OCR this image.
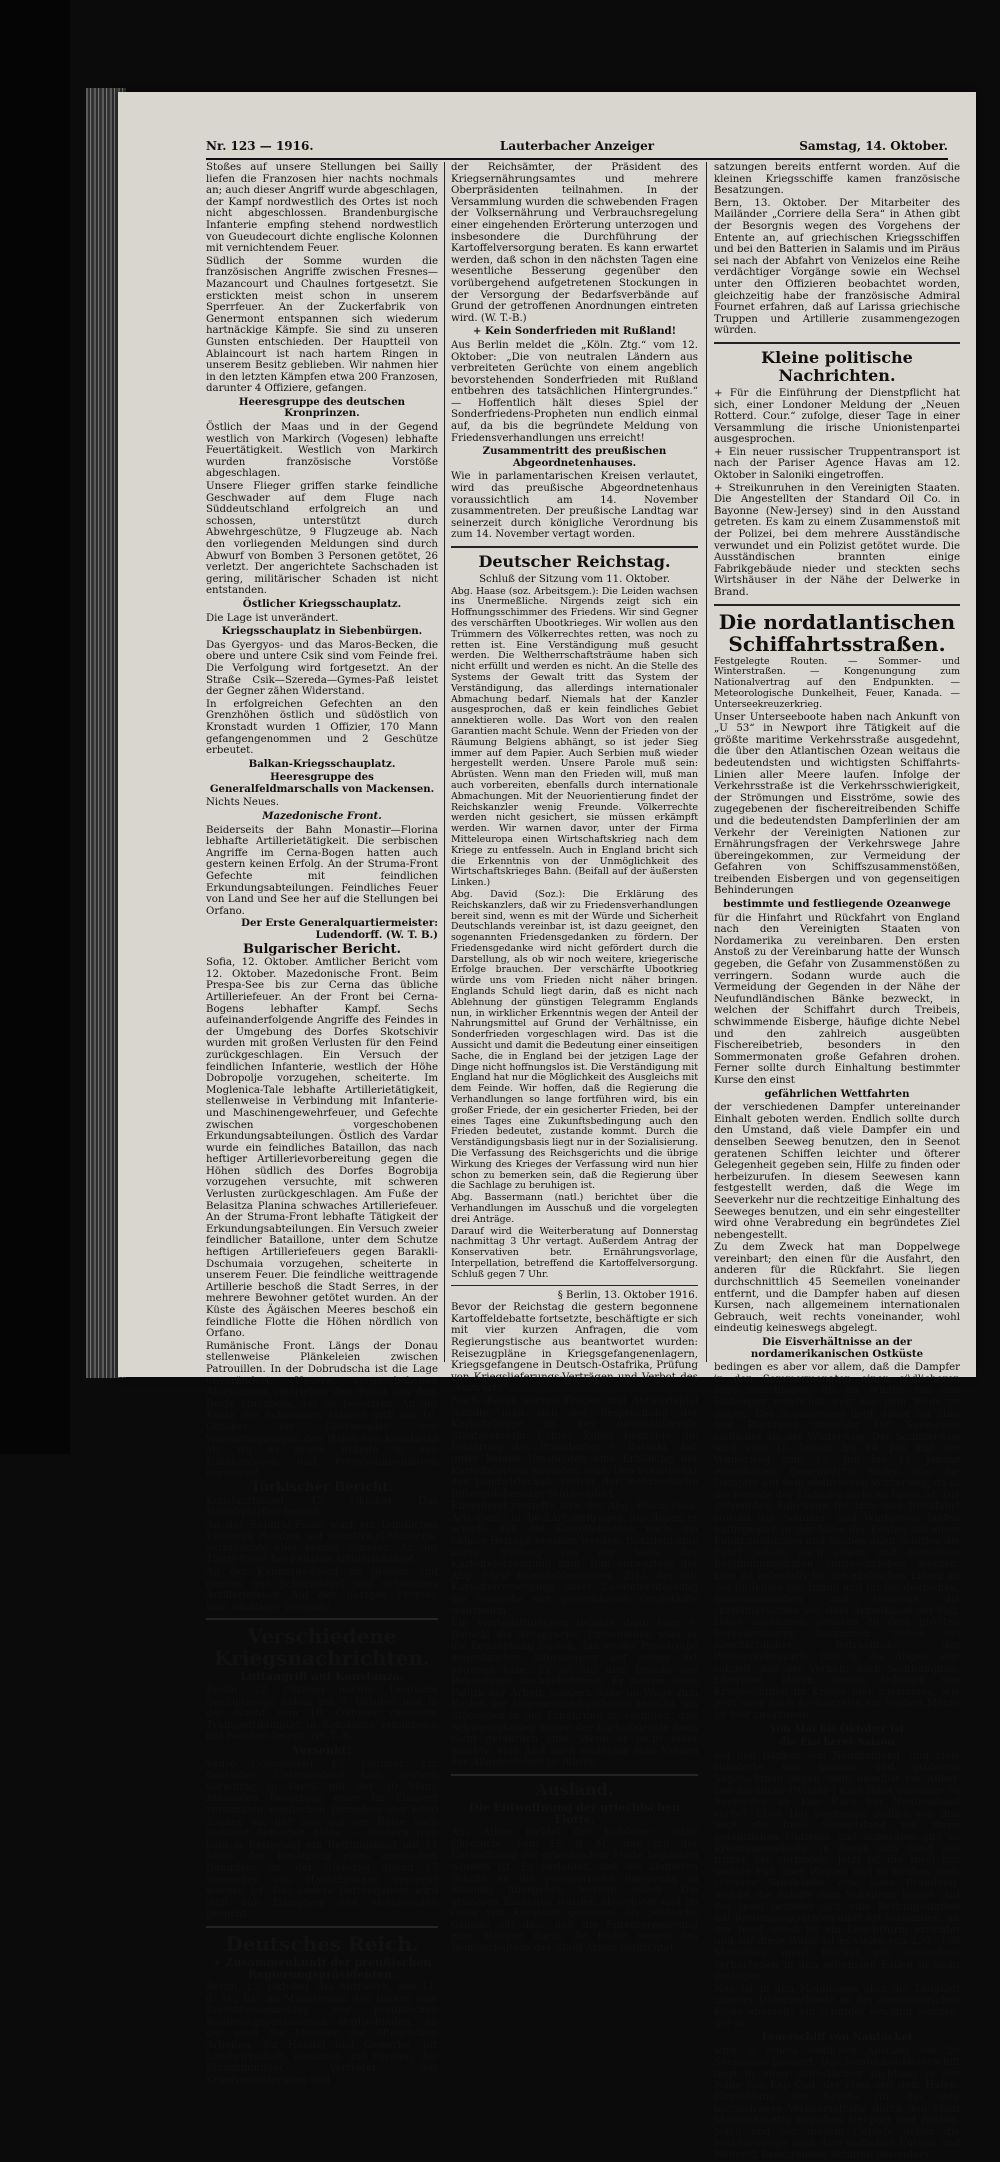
Nr. 123 — 1916.	Lauterbacher Anzeiger	Samstag, 14. Oktober.

Stoßes auf unsere Stellungen bei Sailly liefen die Franzosen hier nachts nochmals an; auch dieser Angriff wurde abgeschlagen, der Kampf nordwestlich des Ortes ist noch nicht abgeschlossen. Brandenburgische Infanterie empfing stehend nordwestlich von Gueudecourt dichte englische Kolonnen mit vernichtendem Feuer.

Südlich der Somme wurden die französischen Angriffe zwischen Fresnes—Mazancourt und Chaulnes fortgesetzt. Sie erstickten meist schon in unserem Sperrfeuer. An der Zuckerfabrik von Genermont entspannen sich wiederum hartnäckige Kämpfe. Sie sind zu unseren Gunsten entschieden. Der Hauptteil von Ablaincourt ist nach hartem Ringen in unserem Besitz geblieben. Wir nahmen hier in den letzten Kämpfen etwa 200 Franzosen, darunter 4 Offiziere, gefangen.

Heeresgruppe des deutschen Kronprinzen.

Östlich der Maas und in der Gegend westlich von Markirch (Vogesen) lebhafte Feuertätigkeit. Westlich von Markirch wurden französische Vorstöße abgeschlagen.

Unsere Flieger griffen starke feindliche Geschwader auf dem Fluge nach Süddeutschland erfolgreich an und schossen, unterstützt durch Abwehrgeschütze, 9 Flugzeuge ab. Nach den vorliegenden Meldungen sind durch Abwurf von Bomben 3 Personen getötet, 26 verletzt. Der angerichtete Sachschaden ist gering, militärischer Schaden ist nicht entstanden.

Östlicher Kriegsschauplatz.

Die Lage ist unverändert.

Kriegsschauplatz in Siebenbürgen.

Das Gyergyos- und das Maros-Becken, die obere und untere Csik sind vom Feinde frei. Die Verfolgung wird fortgesetzt. An der Straße Csik—Szereda—Gymes-Paß leistet der Gegner zähen Widerstand.

In erfolgreichen Gefechten an den Grenzhöhen östlich und südöstlich von Kronstadt wurden 1 Offizier, 170 Mann gefangengenommen und 2 Geschütze erbeutet.

Balkan-Kriegsschauplatz.
Heeresgruppe des Generalfeldmarschalls von Mackensen.

Nichts Neues.

Mazedonische Front.

Beiderseits der Bahn Monastir—Florina lebhafte Artillerietätigkeit. Die serbischen Angriffe im Cerna-Bogen hatten auch gestern keinen Erfolg. An der Struma-Front Gefechte mit feindlichen Erkundungsabteilungen. Feindliches Feuer von Land und See her auf die Stellungen bei Orfano.

Der Erste Generalquartiermeister: Ludendorff. (W. T. B.)

Bulgarischer Bericht.

Sofia, 12. Oktober. Amtlicher Bericht vom 12. Oktober. Mazedonische Front. Beim Prespa-See bis zur Cerna das übliche Artilleriefeuer. An der Front bei Cerna-Bogens lebhafter Kampf. Sechs aufeinanderfolgende Angriffe des Feindes in der Umgebung des Dorfes Skotschivir wurden mit großen Verlusten für den Feind zurückgeschlagen. Ein Versuch der feindlichen Infanterie, westlich der Höhe Dobropolje vorzugehen, scheiterte. Im Moglenica-Tale lebhafte Artillerietätigkeit, stellenweise in Verbindung mit Infanterie- und Maschinengewehrfeuer, und Gefechte zwischen vorgeschobenen Erkundungsabteilungen. Östlich des Vardar wurde ein feindliches Bataillon, das nach heftiger Artillerievorbereitung gegen die Höhen südlich des Dorfes Bogrobija vorzugehen versuchte, mit schweren Verlusten zurückgeschlagen. Am Fuße der Belasitza Planina schwaches Artilleriefeuer. An der Struma-Front lebhafte Tätigkeit der Erkundungsabteilungen. Ein Versuch zweier feindlicher Bataillone, unter dem Schutze heftigen Artilleriefeuers gegen Barakli-Dschumaia vorzugehen, scheiterte in unserem Feuer. Die feindliche weittragende Artillerie beschoß die Stadt Serres, in der mehrere Bewohner getötet wurden. An der Küste des Ägäischen Meeres beschoß ein feindliche Flotte die Höhen nördlich von Orfano.

Rumänische Front. Längs der Donau stellenweise Plänkeleien zwischen Patrouillen. In der Dobrudscha ist die Lage unverändert. Unsere vorgeschobenen Abteilungen vertrieben den Feind aus dem Dorfe Musubeia, das sie besetzten. An der Küste des Schwarzen Meeres griff am 10. Oktober ein Geschwader von Wasserflugzeugen den Hafen von Konstanza an, wo es große Brände in den Hafenanlagen und Petroleumbehältern hervorrief.

Türkischer Bericht.

Konstantinopel, 12. Oktober. Das Hauptquartier meldet:

An der Euphrat-Front warf ein feindliches Flugzeug Bomben auf Schattra-el-Muntefik, verursachte aber keinen Schaden. An der Tigris-Front bei Fellahie Artilleriekampf.

An der Kaukasus-Front im großen und ganzen nur Scharmützel und schwaches Artilleriefeuer. Auf den übrigen Fronten kein wichtiges Ereignis!

Verschiedene Kriegsnachrichten.
Luftangriff auf Konstanza.

Berlin, 12. Oktober nachts. Deutsche Seeflugzeuge haben am 9. Oktober und in der Nacht zum 10. Oktober russische Transportdampfer in Konstanza erfolgreich mit Bomben belegt. (W. T.-B.)

Versenkt!

Vadsö (Norwegen), 13. Oktober. Ein deutsches Unterseeboot kam gestern vormittag in Vardö mit der 30 Mann zählenden Besatzung eines im Eismeer versenkten englischen Dampfers von 6000 Tonnen an, der sich auf der Reise nach Rußland befunden hatte. — Gestern früh kam in Berlevaag ein Rettungsboot mit 11 Mann der Besatzung eines englischen Dampfers an, der Dienstag abend 17 Seemeilen von Halmingsvaag versenkt worden ist. Das andere Rettungsboot wird jetzt von Dampfern und Motorbooten gesucht.

Deutsches Reich.
+ Zusammenkunft der preußischen Regierungspräsidenten.

Berlin, 13. Oktober. Am Mittwoch, den 11. d. M., hat im Ministerium des Innern eine Dienstversammlung der preußischen Regierungspräsidenten stattgefunden, an der auch die Minister der öffentlichen Arbeiten, für Handel und Gewerbe, für Landwirtschaft, Domänen und Forsten, der Finanzminister, Vertreter des Kriegsministeriums und

der Reichsämter, der Präsident des Kriegsernährungsamtes und mehrere Oberpräsidenten teilnahmen. In der Versammlung wurden die schwebenden Fragen der Volksernährung und Verbrauchsregelung einer eingehenden Erörterung unterzogen und insbesondere die Durchführung der Kartoffelversorgung beraten. Es kann erwartet werden, daß schon in den nächsten Tagen eine wesentliche Besserung gegenüber den vorübergehend aufgetretenen Stockungen in der Versorgung der Bedarfsverbände auf Grund der getroffenen Anordnungen eintreten wird. (W. T.-B.)

+ Kein Sonderfrieden mit Rußland!

Aus Berlin meldet die „Köln. Ztg.“ vom 12. Oktober: „Die von neutralen Ländern aus verbreiteten Gerüchte von einem angeblich bevorstehenden Sonderfrieden mit Rußland entbehren des tatsächlichen Hintergrundes.“ — Hoffentlich hält dieses Spiel der Sonderfriedens-Propheten nun endlich einmal auf, da bis die begründete Meldung von Friedensverhandlungen uns erreicht!

Zusammentritt des preußischen Abgeordnetenhauses.

Wie in parlamentarischen Kreisen verlautet, wird das preußische Abgeordnetenhaus voraussichtlich am 14. November zusammentreten. Der preußische Landtag war seinerzeit durch königliche Verordnung bis zum 14. November vertagt worden.

Deutscher Reichstag.

Schluß der Sitzung vom 11. Oktober.

Abg. Haase (soz. Arbeitsgem.): Die Leiden wachsen ins Unermeßliche. Nirgends zeigt sich ein Hoffnungsschimmer des Friedens. Wir sind Gegner des verschärften Ubootkrieges. Wir wollen aus den Trümmern des Völkerrechtes retten, was noch zu retten ist. Eine Verständigung muß gesucht werden. Die Weltherrschaftsträume haben sich nicht erfüllt und werden es nicht. An die Stelle des Systems der Gewalt tritt das System der Verständigung, das allerdings internationaler Abmachung bedarf. Niemals hat der Kanzler ausgesprochen, daß er kein feindliches Gebiet annektieren wolle. Das Wort von den realen Garantien macht Schule. Wenn der Frieden von der Räumung Belgiens abhängt, so ist jeder Sieg immer auf dem Papier. Auch Serbien muß wieder hergestellt werden. Unsere Parole muß sein: Abrüsten. Wenn man den Frieden will, muß man auch vorbereiten, ebenfalls durch internationale Abmachungen. Mit der Neuorientierung findet der Reichskanzler wenig Freunde. Völkerrechte werden nicht gesichert, sie müssen erkämpft werden. Wir warnen davor, unter der Firma Mitteleuropa einen Wirtschaftskrieg nach dem Kriege zu entfesseln. Auch in England bricht sich die Erkenntnis von der Unmöglichkeit des Wirtschaftskrieges Bahn. (Beifall auf der äußersten Linken.)

Abg. David (Soz.): Die Erklärung des Reichskanzlers, daß wir zu Friedensverhandlungen bereit sind, wenn es mit der Würde und Sicherheit Deutschlands vereinbar ist, ist dazu geeignet, den sogenannten Friedensgedanken zu fördern. Der Friedensgedanke wird nicht gefördert durch die Darstellung, als ob wir noch weitere, kriegerische Erfolge brauchen. Der verschärfte Ubootkrieg würde uns vom Frieden nicht näher bringen. Englands Schuld liegt darin, daß es nicht nach Ablehnung der günstigen Telegramm Englands nun, in wirklicher Erkenntnis wegen der Anteil der Nahrungsmittel auf Grund der Verhältnisse, ein Sonderfrieden vorgeschlagen wird. Das ist die Aussicht und damit die Bedeutung einer einseitigen Sache, die in England bei der jetzigen Lage der Dinge nicht hoffnungslos ist. Die Verständigung mit England hat nur die Möglichkeit des Ausgleichs mit dem Feinde. Wir hoffen, daß die Regierung die Verhandlungen so lange fortführen wird, bis ein großer Friede, der ein gesicherter Frieden, bei der eines Tages eine Zukunftsbedingung auch den Frieden bedeutet, zustande kommt. Durch die Verständigungsbasis liegt nur in der Sozialisierung. Die Verfassung des Reichsgerichts und die übrige Wirkung des Krieges der Verfassung wird nun hier schon zu bemerken sein, daß die Regierung über die Sachlage zu beruhigen ist.

Abg. Bassermann (natl.) berichtet über die Verhandlungen im Ausschuß und die vorgelegten drei Anträge.

Darauf wird die Weiterberatung auf Donnerstag nachmittag 3 Uhr vertagt. Außerdem Antrag der Konservativen betr. Ernährungsvorlage, Interpellation, betreffend die Kartoffelversorgung. Schluß gegen 7 Uhr.

§ Berlin, 13. Oktober 1916.

Bevor der Reichstag die gestern begonnene Kartoffeldebatte fortsetzte, beschäftigte er sich mit vier kurzen Anfragen, die vom Regierungstische aus beantwortet wurden: Reisezugpläne in Kriegsgefangenenlagern, Kriegsgefangene in Deutsch-Ostafrika, Prüfung von Kriegslieferungs-Verträgen und Verbot des „Vorwärts“.

Nach diesen kurzen Fragen und Antwortspiel wandte man sich der Besprechung der Kartoffelfrage zu. Der nationalliberale Staatssekretär Führer Zöller begrüßte die Erklärung des Präsidenten v. Batocki, daß unter keinen Umständen eine Erhöhung der Kartoffelpreise eintreten solle. Den Standpunkt der Landwirtschaft vertrat der mehrheitliche Rittergutsbesitzer Stubbendorf.

Eingehend vertiefte sich der Abg. Wurm (Soz. Arb.-Gem.) in die Kartoffelfragen, aus denen er schloß, daß die Kartoffelzahlen noch um höhere Betrage ergeben werden, trotzdem eine kurze Störung von der Seite der Kartoffelerzeugung kam. Ihm antwortete der Abg. Fürst Rheinfelderdingen (Ztr.), der mit Kartoffelversorgung unter Zusammenfassung die Wünsche der gewerblichen Großstädte wahrnahm.

Ein Vierteilstündchen belebte dann Herr v. Batocki die Aussprache. Entschieden wies er die Behauptung zurück, daß er der Preistreibe angestauchte Alterssorgen auf seiner Art gegeben habe. Er sei nur dem Drucke des Reichstages nachgekommen. Er mache seine Politik der Arbeit, sondern habe im Wege zum Besten der Allgemeinheit zu leiten gesucht, um Störungen in der Ernährung zu verhüten, daß Schwierigkeiten wegen der Kartoffelernte noch nicht gefährlich sind. Wenn er nicht mehr glaubte, sein Amt auch weiterhin zum Nutzen der Allgemeinheit zu führen.

Ausland.
Die Entwaffnung der griechischen Flotte.

Aus Athen meldet der Londoner „Daily Chronicle“ vom 12. d. M., daß mit der Entwaffnung der griechischen Flotte begonnen worden ist. Es verlautet, daß die kleineren Schiffe an die provisorische Regierung in Saloniki übergeben werden sollen. Die größeren Einheiten würden abgerüstet und im Golfe von Keratsini gelassen. Als politische Gründe gilt dies, daß die Ententeregierung eine Störung durch die Flotte wegen des Wohlverhaltens der Stadt Athen befürchtet.

satzungen bereits entfernt worden. Auf die kleinen Kriegsschiffe kamen französische Besatzungen.

Bern, 13. Oktober. Der Mitarbeiter des Mailänder „Corriere della Sera“ in Athen gibt der Besorgnis wegen des Vorgehens der Entente an, auf griechischen Kriegsschiffen und bei den Batterien in Salamis und im Piräus sei nach der Abfahrt von Venizelos eine Reihe verdächtiger Vorgänge sowie ein Wechsel unter den Offizieren beobachtet worden, gleichzeitig habe der französische Admiral Fournet erfahren, daß auf Larissa griechische Truppen und Artillerie zusammengezogen würden.

Kleine politische Nachrichten.

+ Für die Einführung der Dienstpflicht hat sich, einer Londoner Meldung der „Neuen Rotterd. Cour.“ zufolge, dieser Tage in einer Versammlung die irische Unionistenpartei ausgesprochen.

+ Ein neuer russischer Truppentransport ist nach der Pariser Agence Havas am 12. Oktober in Saloniki eingetroffen.

+ Streikunruhen in den Vereinigten Staaten. Die Angestellten der Standard Oil Co. in Bayonne (New-Jersey) sind in den Ausstand getreten. Es kam zu einem Zusammenstoß mit der Polizei, bei dem mehrere Ausständische verwundet und ein Polizist getötet wurde. Die Ausständischen brannten einige Fabrikgebäude nieder und steckten sechs Wirtshäuser in der Nähe der Delwerke in Brand.

Die nordatlantischen Schiffahrtsstraßen.

Festgelegte Routen. — Sommer- und Winterstraßen. — Kongenungung zum Nationalvertrag auf den Endpunkten. — Meteorologische Dunkelheit, Feuer, Kanada. — Unterseekreuzerkrieg.

Unser Unterseeboote haben nach Ankunft von „U 53“ in Newport ihre Tätigkeit auf die größte maritime Verkehrsstraße ausgedehnt, die über den Atlantischen Ozean weitaus die bedeutendsten und wichtigsten Schiffahrts-Linien aller Meere laufen. Infolge der Verkehrsstraße ist die Verkehrsschwierigkeit, der Strömungen und Eisströme, sowie des zugegebenen der fischereitreibenden Schiffe und die bedeutendsten Dampferlinien der am Verkehr der Vereinigten Nationen zur Ernährungsfragen der Verkehrswege Jahre übereingekommen, zur Vermeidung der Gefahren von Schiffszusammenstößen, treibenden Eisbergen und von gegenseitigen Behinderungen

bestimmte und festliegende Ozeanwege

für die Hinfahrt und Rückfahrt von England nach den Vereinigten Staaten von Nordamerika zu vereinbaren. Den ersten Anstoß zu der Vereinbarung hatte der Wunsch gegeben, die Gefahr von Zusammenstößen zu verringern. Sodann wurde auch die Vermeidung der Gegenden in der Nähe der Neufundländischen Bänke bezweckt, in welchen der Schiffahrt durch Treibeis, schwimmende Eisberge, häufige dichte Nebel und den zahlreich ausgeübten Fischereibetrieb, besonders in den Sommermonaten große Gefahren drohen. Ferner sollte durch Einhaltung bestimmter Kurse den einst

gefährlichen Wettfahrten

der verschiedenen Dampfer untereinander Einhalt geboten werden. Endlich sollte durch den Umstand, daß viele Dampfer ein und denselben Seeweg benutzen, den in Seenot geratenen Schiffen leichter und öfterer Gelegenheit gegeben sein, Hilfe zu finden oder herbeizurufen. In diesem Seewesen kann festgestellt werden, daß die Wege im Seeverkehr nur die rechtzeitige Einhaltung des Seeweges benutzen, und ein sehr eingestellter wird ohne Verabredung ein begründetes Ziel nebengestellt.

Zu dem Zweck hat man Doppelwege vereinbart; den einen für die Ausfahrt, den anderen für die Rückfahrt. Sie liegen durchschnittlich 45 Seemeilen voneinander entfernt, und die Dampfer haben auf diesen Kursen, nach allgemeinem internationalen Gebrauch, weit rechts voneinander, wohl eindeutig keineswegs abgelegt.

Die Eisverhältnisse an der nordamerikanischen Ostküste

bedingen es aber vor allem, daß die Dampfer in den Sommermonaten einen südlicheren Kurs einschlagen, als im Winter, um den Eisbergen möglichst weit aus dem Wege zu gehen. Der Sommerweg liegt daher für Hin- und Rückreise ungefähr 100 Seemeilen südlicher als der Winterweg. Der Sommerweg wird vom 15. Januar bis 14. Juli und der Winterweg vom 15. Juli bis 14. Januar eingehalten. Gegenwärtig finden also die Dampfer auf dem südlicheren Winterweg, da in die Periode der Eisfelder nicht zu fallen ist. Die getrennten Fahrwege für Hin- und Rückfahrt sowohl wie Sommer- und Winterweg laufen natürgemäß in der Nähe der Küsten auf einen Punkt zusammen und können allen Schiffen die Fahrt jedoch nach einem und denselben Bestimmungshafen vorgeschrieben werden. Dies ist jedenfalls für die englischen Linien an der Südküste von Irland und für die deutschen, niederländischen und teilweise die skandinavischen von dem Ärmelkanal der Fall. Diese zusammen gehören zu dem größten Verkehrsknoten zusammen. Schon bei oberflächlicher Betrachtung der Weltverkehrskarte fällt in die Augen sehr schnell, daß der Verkehr nach Southampton, Liverpool, Havre, Genua lediglich von Kriegsschiffen im Kriege hier zusammen, wie jetzt auch noch Archangelsk am Weißen Meere ist hier zusammen.

Von Mai bis Oktober ist
die Fischerei-Saison

auf den Bänken von Neufundland, und viele Hunderte von kleinen und größeren Segelschiffen liegen dann daselbst vor Anker. Der nördliche (Winter-) Kurs führt ungefähr 70 Seemeilen an Kap Race bei Neufundland vorbei. Etwa 160 Seemeilen südlich von ihm liegt die Insel Sable-Island mit ihren gefährlichen Untiefen und außerdem gibt es Kreuzungsgebiete, in denen sich Sand von früher her vorfinden. Jetzt ist die Insel nur wenige Fuß über Wasser, und es bleiben stets schwere Sandbänke, eine hohe Brandung, welche die Schiffe zum Scheitern bringt. Auf der Insel befindet sich eine Rettungsstation mit Rettungsapparaten aller Art vorhanden, an der Insel selbst ist ein Leuchtturm errichtet und auf diese Weise ist es vielen von 120—150 Menschen, meist Fischer, mit wenigstens verheißenen in den seltensten Fällen in Sicht gelangen.

Nun ist in den Meldungen über die Tätigkeit unserer Unterseeboote an der amerikanischen Küste ebenfalls ein Dampfer erwähnt worden, der in

Feuerschiff von Nantucket

wird in einem südlichen Abstand von 20 Seemeilen passiert. Das Nantucket-Feuerschiff liegt in einer südöstlichen Richtung in der Nähe von Kap Cod, der etwa seit dem Hafen-Einrichtung der Schiffe für das ihre hochschwere Verkehrsstraße durch den Staat Massachusetts zwischen Neuport und Boston. Nach und von diesem Gebiete gehen die Verkehrswege nach dem südlichen Europa und Neuyork befahrenden Schiffen besonders
